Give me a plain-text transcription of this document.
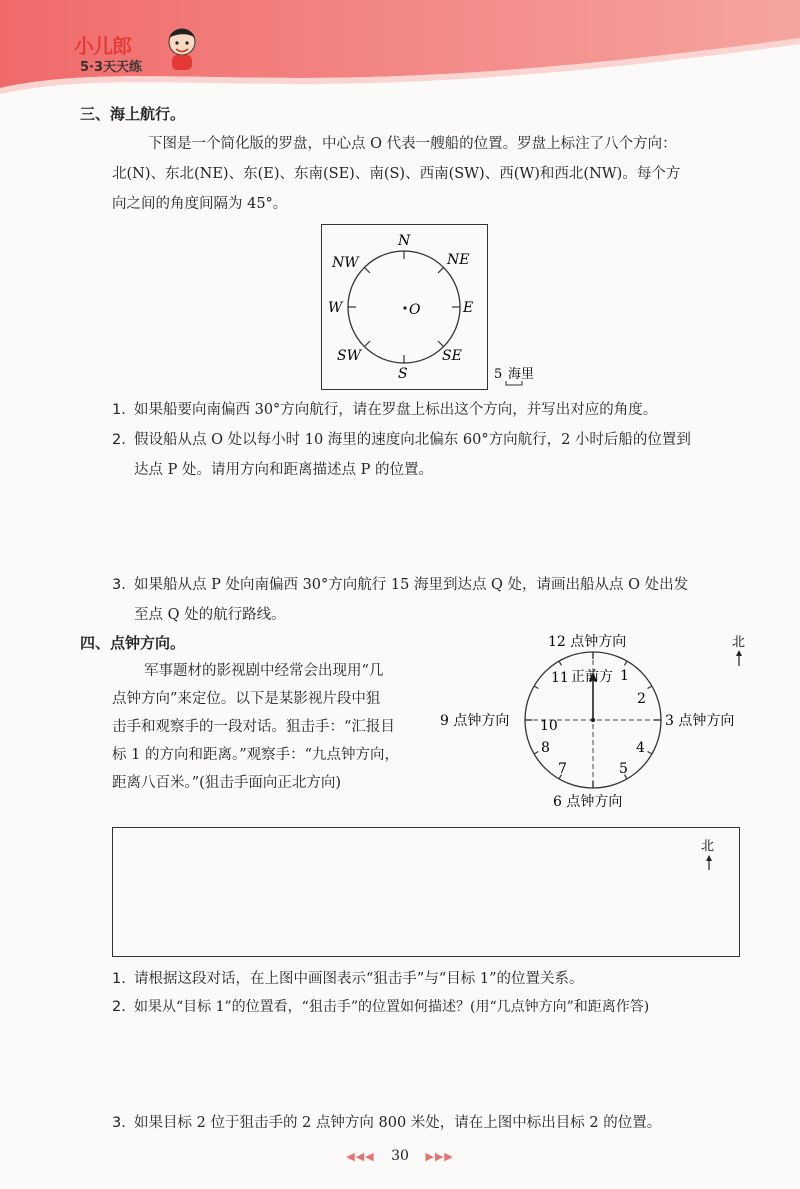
小儿郎
5·3天天练
三、海上航行。
下图是一个简化版的罗盘，中心点 O 代表一艘船的位置。罗盘上标注了八个方向：
北(N)、东北(NE)、东(E)、东南(SE)、南(S)、西南(SW)、西(W)和西北(NW)。每个方
向之间的角度间隔为 45°。
O
N
NE
E
SE
S
SW
W
NW
5 海里
1. 如果船要向南偏西 30°方向航行，请在罗盘上标出这个方向，并写出对应的角度。
2. 假设船从点 O 处以每小时 10 海里的速度向北偏东 60°方向航行，2 小时后船的位置到
达点 P 处。请用方向和距离描述点 P 的位置。
3. 如果船从点 P 处向南偏西 30°方向航行 15 海里到达点 Q 处，请画出船从点 O 处出发
至点 Q 处的航行路线。
四、点钟方向。
军事题材的影视剧中经常会出现用“几
点钟方向”来定位。以下是某影视片段中狙
击手和观察手的一段对话。狙击手：“汇报目
标 1 的方向和距离。”观察手：“九点钟方向，
距离八百米。”(狙击手面向正北方向)
1
2
4
5
7
8
10
11 正前方
12 点钟方向
9 点钟方向	3 点钟方向
6 点钟方向
北
北
1. 请根据这段对话，在上图中画图表示“狙击手”与“目标 1”的位置关系。
2. 如果从“目标 1”的位置看，“狙击手”的位置如何描述？(用“几点钟方向”和距离作答)
3. 如果目标 2 位于狙击手的 2 点钟方向 800 米处，请在上图中标出目标 2 的位置。
◀◀◀ 30 ▶▶▶
